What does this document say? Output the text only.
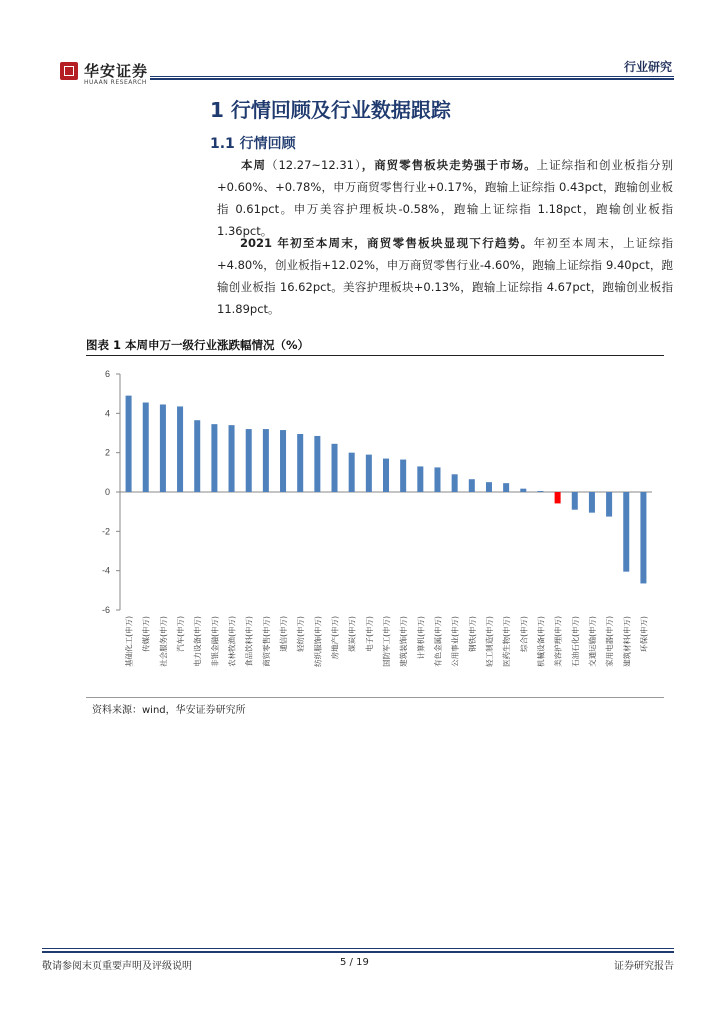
华安证券
HUAAN RESEARCH
行业研究
1 行情回顾及行业数据跟踪
1.1 行情回顾
  本周（12.27~12.31），商贸零售板块走势强于市场。上证综指和创业板指分别+0.60%、+0.78%，申万商贸零售行业+0.17%，跑输上证综指 0.43pct，跑输创业板指 0.61pct。申万美容护理板块-0.58%，跑输上证综指 1.18pct，跑输创业板指 1.36pct。
  2021 年初至本周末，商贸零售板块显现下行趋势。年初至本周末，上证综指+4.80%，创业板指+12.02%，申万商贸零售行业-4.60%，跑输上证综指 9.40pct，跑输创业板指 16.62pct。美容护理板块+0.13%，跑输上证综指 4.67pct，跑输创业板指 11.89pct。
图表 1 本周申万一级行业涨跌幅情况（%）
6
4
2
0
-2
-4
-6
基础化工(申万) 传媒(申万) 社会服务(申万) 汽车(申万) 电力设备(申万) 非银金融(申万) 农林牧渔(申万) 食品饮料(申万) 商贸零售(申万) 通信(申万) 轻纺(申万) 纺织服饰(申万) 房地产(申万) 煤炭(申万) 电子(申万) 国防军工(申万) 建筑装饰(申万) 计算机(申万) 有色金属(申万) 公用事业(申万) 钢铁(申万) 轻工制造(申万) 医药生物(申万) 综合(申万) 机械设备(申万) 美容护理(申万) 石油石化(申万) 交通运输(申万) 家用电器(申万) 建筑材料(申万) 环保(申万)
资料来源：wind，华安证券研究所
敬请参阅末页重要声明及评级说明	5 / 19	证券研究报告
